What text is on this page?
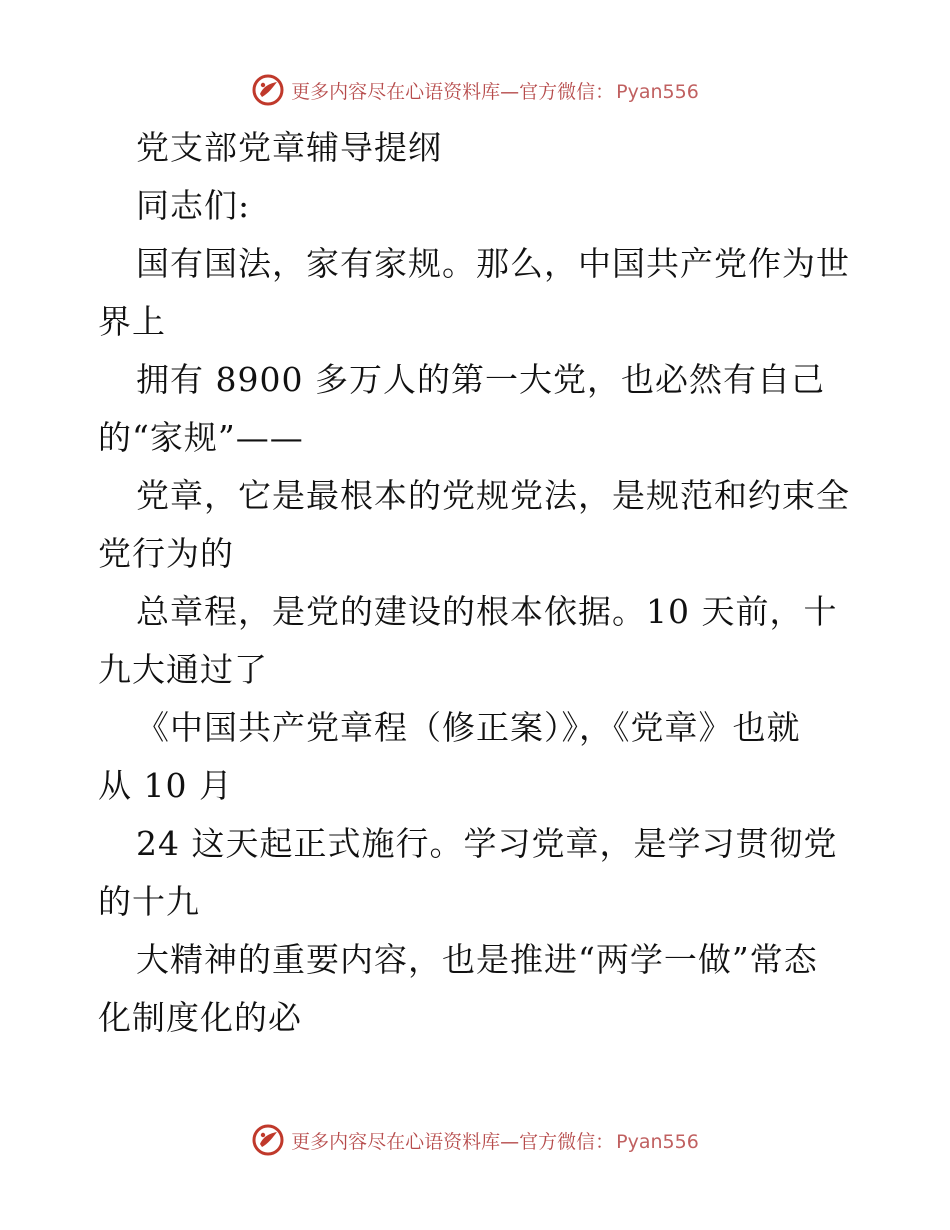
更多内容尽在心语资料库—官方微信： Pyan556
党支部党章辅导提纲
同志们:
国有国法，家有家规。那么，中国共产党作为世
界上
拥有 8900 多万人的第一大党，也必然有自己
的“家规”——
党章，它是最根本的党规党法，是规范和约束全
党行为的
总章程，是党的建设的根本依据。10 天前，十
九大通过了
《中国共产党章程（修正案）》，《党章》也就
从 10 月
24 这天起正式施行。学习党章，是学习贯彻党
的十九
大精神的重要内容，也是推进“两学一做”常态
化制度化的必
更多内容尽在心语资料库—官方微信： Pyan556
